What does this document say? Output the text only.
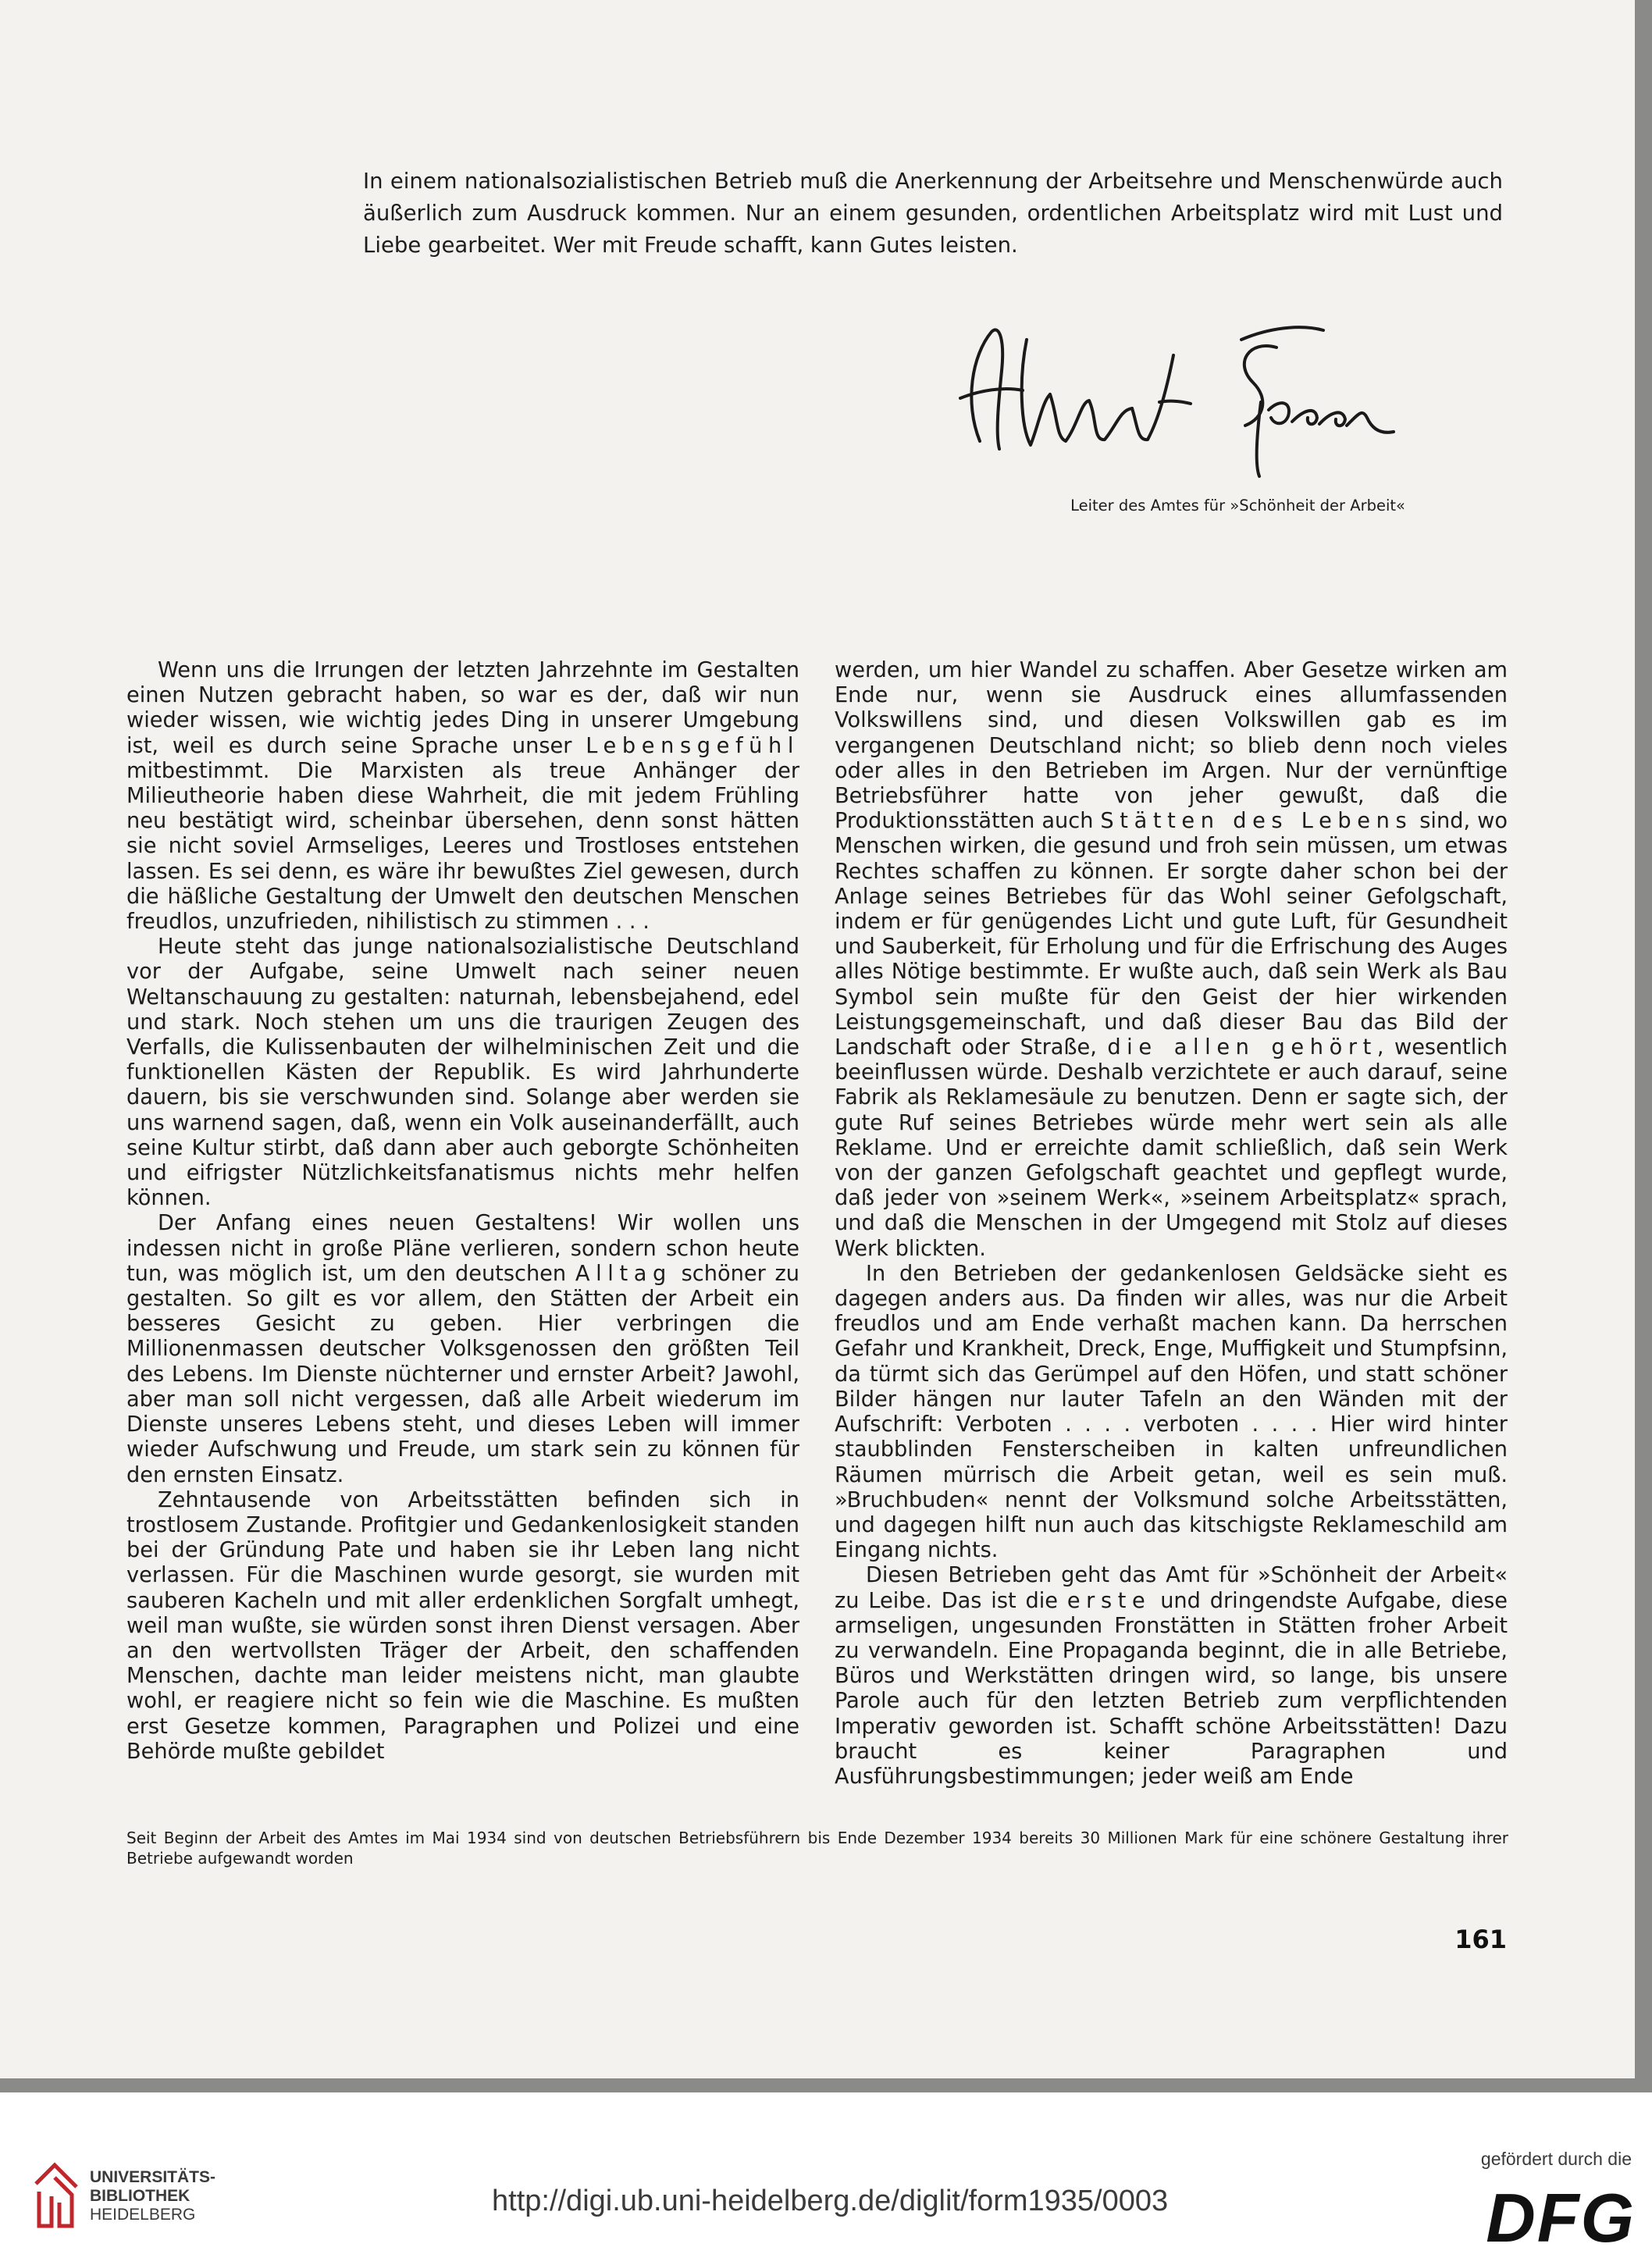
In einem nationalsozialistischen Betrieb muß die Anerkennung der Arbeitsehre und Menschenwürde auch äußerlich zum Ausdruck kommen. Nur an einem gesunden, ordentlichen Arbeitsplatz wird mit Lust und Liebe gearbeitet. Wer mit Freude schafft, kann Gutes leisten.

Leiter des Amtes für »Schönheit der Arbeit«

Wenn uns die Irrungen der letzten Jahrzehnte im Gestalten einen Nutzen gebracht haben, so war es der, daß wir nun wieder wissen, wie wichtig jedes Ding in unserer Umgebung ist, weil es durch seine Sprache unser Lebensgefühl mitbestimmt. Die Marxisten als treue Anhänger der Milieutheorie haben diese Wahrheit, die mit jedem Frühling neu bestätigt wird, scheinbar übersehen, denn sonst hätten sie nicht soviel Armseliges, Leeres und Trostloses entstehen lassen. Es sei denn, es wäre ihr bewußtes Ziel gewesen, durch die häßliche Gestaltung der Umwelt den deutschen Menschen freudlos, unzufrieden, nihilistisch zu stimmen . . .

Heute steht das junge nationalsozialistische Deutschland vor der Aufgabe, seine Umwelt nach seiner neuen Weltanschauung zu gestalten: naturnah, lebensbejahend, edel und stark. Noch stehen um uns die traurigen Zeugen des Verfalls, die Kulissenbauten der wilhelminischen Zeit und die funktionellen Kästen der Republik. Es wird Jahrhunderte dauern, bis sie verschwunden sind. Solange aber werden sie uns warnend sagen, daß, wenn ein Volk auseinanderfällt, auch seine Kultur stirbt, daß dann aber auch geborgte Schönheiten und eifrigster Nützlichkeitsfanatismus nichts mehr helfen können.

Der Anfang eines neuen Gestaltens! Wir wollen uns indessen nicht in große Pläne verlieren, sondern schon heute tun, was möglich ist, um den deutschen Alltag schöner zu gestalten. So gilt es vor allem, den Stätten der Arbeit ein besseres Gesicht zu geben. Hier verbringen die Millionenmassen deutscher Volksgenossen den größten Teil des Lebens. Im Dienste nüchterner und ernster Arbeit? Jawohl, aber man soll nicht vergessen, daß alle Arbeit wiederum im Dienste unseres Lebens steht, und dieses Leben will immer wieder Aufschwung und Freude, um stark sein zu können für den ernsten Einsatz.

Zehntausende von Arbeitsstätten befinden sich in trostlosem Zustande. Profitgier und Gedankenlosigkeit standen bei der Gründung Pate und haben sie ihr Leben lang nicht verlassen. Für die Maschinen wurde gesorgt, sie wurden mit sauberen Kacheln und mit aller erdenklichen Sorgfalt umhegt, weil man wußte, sie würden sonst ihren Dienst versagen. Aber an den wertvollsten Träger der Arbeit, den schaffenden Menschen, dachte man leider meistens nicht, man glaubte wohl, er reagiere nicht so fein wie die Maschine. Es mußten erst Gesetze kommen, Paragraphen und Polizei und eine Behörde mußte gebildet

werden, um hier Wandel zu schaffen. Aber Gesetze wirken am Ende nur, wenn sie Ausdruck eines allumfassenden Volkswillens sind, und diesen Volkswillen gab es im vergangenen Deutschland nicht; so blieb denn noch vieles oder alles in den Betrieben im Argen. Nur der vernünftige Betriebsführer hatte von jeher gewußt, daß die Produktionsstätten auch Stätten des Lebens sind, wo Menschen wirken, die gesund und froh sein müssen, um etwas Rechtes schaffen zu können. Er sorgte daher schon bei der Anlage seines Betriebes für das Wohl seiner Gefolgschaft, indem er für genügendes Licht und gute Luft, für Gesundheit und Sauberkeit, für Erholung und für die Erfrischung des Auges alles Nötige bestimmte. Er wußte auch, daß sein Werk als Bau Symbol sein mußte für den Geist der hier wirkenden Leistungsgemeinschaft, und daß dieser Bau das Bild der Landschaft oder Straße, die allen gehört, wesentlich beeinflussen würde. Deshalb verzichtete er auch darauf, seine Fabrik als Reklamesäule zu benutzen. Denn er sagte sich, der gute Ruf seines Betriebes würde mehr wert sein als alle Reklame. Und er erreichte damit schließlich, daß sein Werk von der ganzen Gefolgschaft geachtet und gepflegt wurde, daß jeder von »seinem Werk«, »seinem Arbeitsplatz« sprach, und daß die Menschen in der Umgegend mit Stolz auf dieses Werk blickten.

In den Betrieben der gedankenlosen Geldsäcke sieht es dagegen anders aus. Da finden wir alles, was nur die Arbeit freudlos und am Ende verhaßt machen kann. Da herrschen Gefahr und Krankheit, Dreck, Enge, Muffigkeit und Stumpfsinn, da türmt sich das Gerümpel auf den Höfen, und statt schöner Bilder hängen nur lauter Tafeln an den Wänden mit der Aufschrift: Verboten . . . . verboten . . . . Hier wird hinter staubblinden Fensterscheiben in kalten unfreundlichen Räumen mürrisch die Arbeit getan, weil es sein muß. »Bruchbuden« nennt der Volksmund solche Arbeitsstätten, und dagegen hilft nun auch das kitschigste Reklameschild am Eingang nichts.

Diesen Betrieben geht das Amt für »Schönheit der Arbeit« zu Leibe. Das ist die erste und dringendste Aufgabe, diese armseligen, ungesunden Fronstätten in Stätten froher Arbeit zu verwandeln. Eine Propaganda beginnt, die in alle Betriebe, Büros und Werkstätten dringen wird, so lange, bis unsere Parole auch für den letzten Betrieb zum verpflichtenden Imperativ geworden ist. Schafft schöne Arbeitsstätten! Dazu braucht es keiner Paragraphen und Ausführungsbestimmungen; jeder weiß am Ende

Seit Beginn der Arbeit des Amtes im Mai 1934 sind von deutschen Betriebsführern bis Ende Dezember 1934 bereits 30 Millionen Mark für eine schönere Gestaltung ihrer Betriebe aufgewandt worden

161

UNIVERSITÄTS-
BIBLIOTHEK
HEIDELBERG	http://digi.ub.uni-heidelberg.de/diglit/form1935/0003

gefördert durch die

DFG
